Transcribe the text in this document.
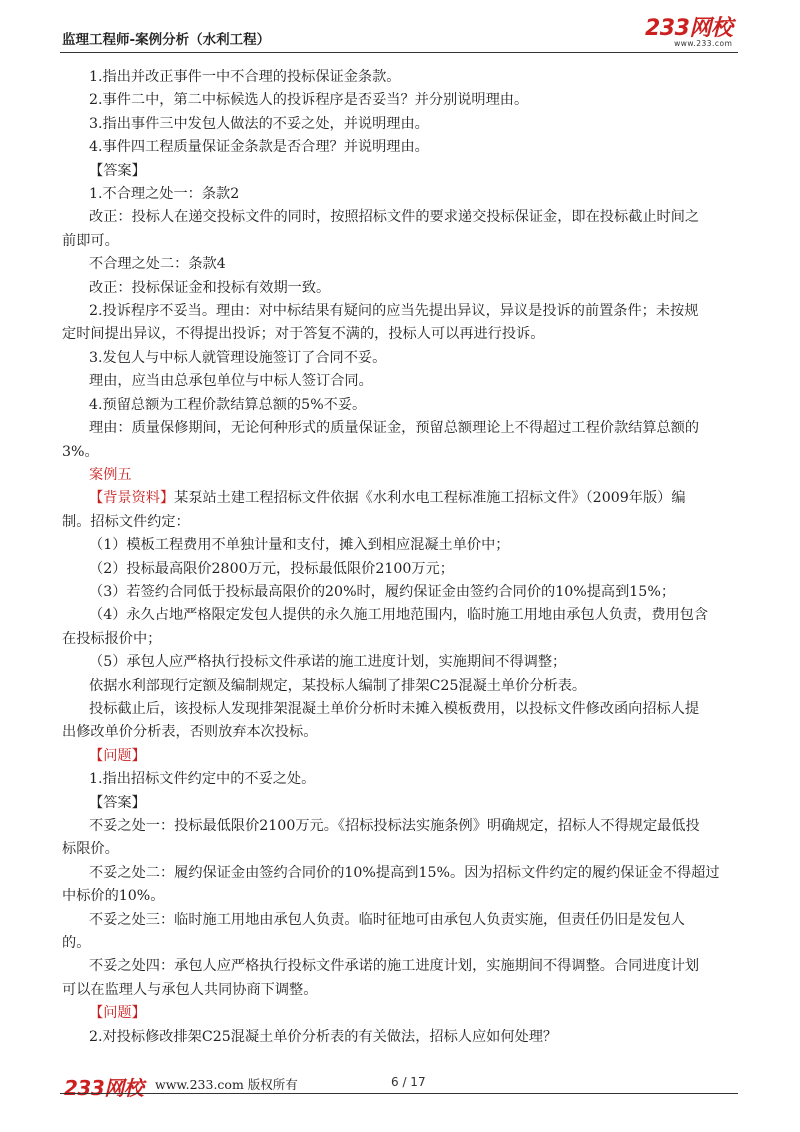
监理工程师-案例分析（水利工程）	233网校
www.233.com
1.指出并改正事件一中不合理的投标保证金条款。
2.事件二中，第二中标候选人的投诉程序是否妥当？并分别说明理由。
3.指出事件三中发包人做法的不妥之处，并说明理由。
4.事件四工程质量保证金条款是否合理？并说明理由。
【答案】
1.不合理之处一：条款2
改正：投标人在递交投标文件的同时，按照招标文件的要求递交投标保证金，即在投标截止时间之
前即可。
不合理之处二：条款4
改正：投标保证金和投标有效期一致。
2.投诉程序不妥当。理由：对中标结果有疑问的应当先提出异议，异议是投诉的前置条件；未按规
定时间提出异议，不得提出投诉；对于答复不满的，投标人可以再进行投诉。
3.发包人与中标人就管理设施签订了合同不妥。
理由，应当由总承包单位与中标人签订合同。
4.预留总额为工程价款结算总额的5%不妥。
理由：质量保修期间，无论何种形式的质量保证金，预留总额理论上不得超过工程价款结算总额的
3%。
案例五
【背景资料】某泵站土建工程招标文件依据《水利水电工程标准施工招标文件》（2009年版）编
制。招标文件约定：
（1）模板工程费用不单独计量和支付，摊入到相应混凝土单价中；
（2）投标最高限价2800万元，投标最低限价2100万元；
（3）若签约合同低于投标最高限价的20%时，履约保证金由签约合同价的10%提高到15%；
（4）永久占地严格限定发包人提供的永久施工用地范围内，临时施工用地由承包人负责，费用包含
在投标报价中；
（5）承包人应严格执行投标文件承诺的施工进度计划，实施期间不得调整；
依据水利部现行定额及编制规定，某投标人编制了排架C25混凝土单价分析表。
投标截止后，该投标人发现排架混凝土单价分析时未摊入模板费用，以投标文件修改函向招标人提
出修改单价分析表，否则放弃本次投标。
【问题】
1.指出招标文件约定中的不妥之处。
【答案】
不妥之处一：投标最低限价2100万元。《招标投标法实施条例》明确规定，招标人不得规定最低投
标限价。
不妥之处二：履约保证金由签约合同价的10%提高到15%。因为招标文件约定的履约保证金不得超过
中标价的10%。
不妥之处三：临时施工用地由承包人负责。临时征地可由承包人负责实施，但责任仍旧是发包人
的。
不妥之处四：承包人应严格执行投标文件承诺的施工进度计划，实施期间不得调整。合同进度计划
可以在监理人与承包人共同协商下调整。
【问题】
2.对投标修改排架C25混凝土单价分析表的有关做法，招标人应如何处理？
233网校 www.233.com 版权所有	6 / 17
